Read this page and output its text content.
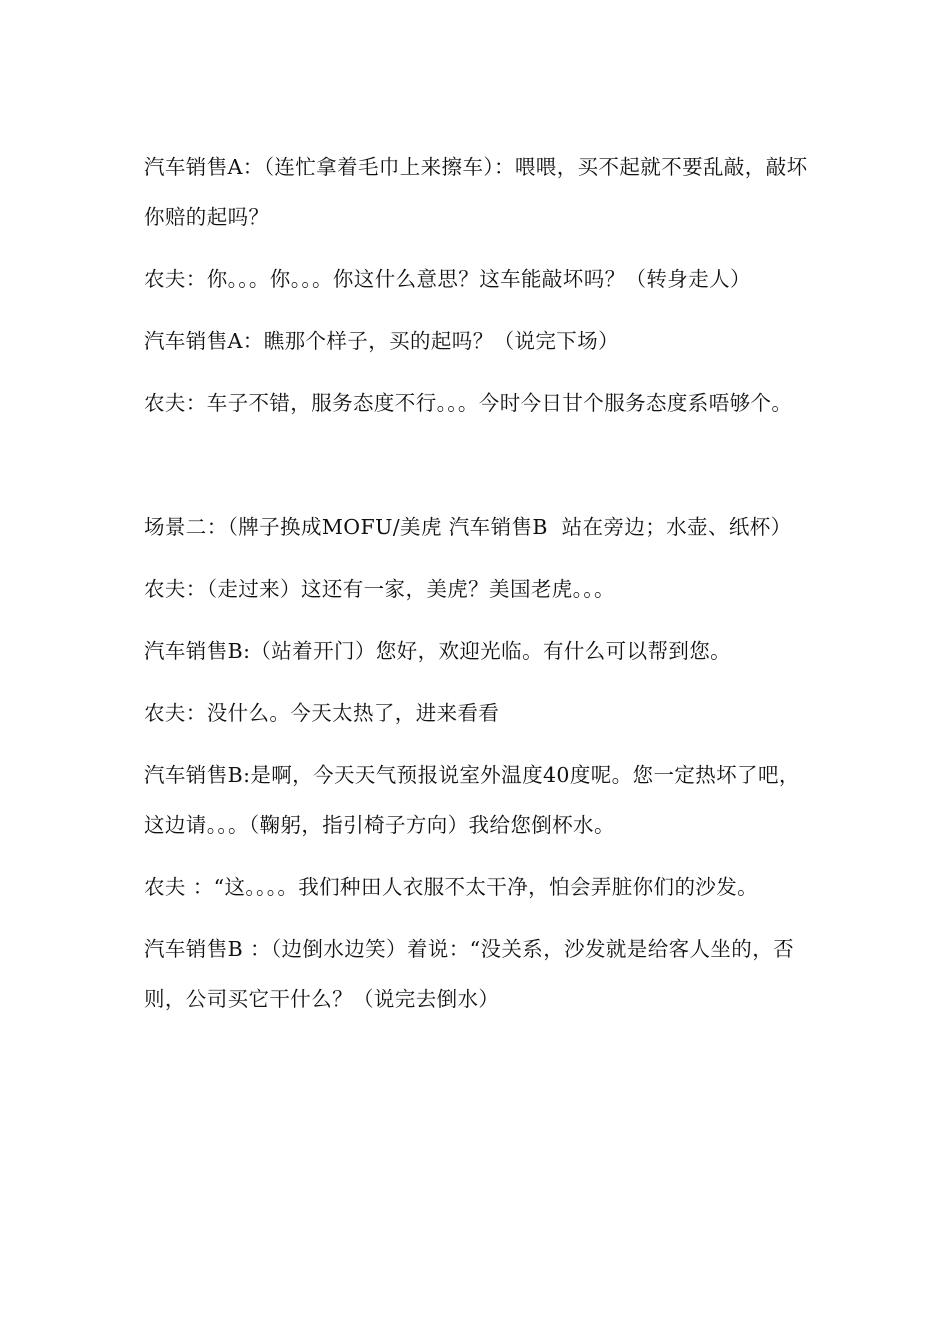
汽车销售A：（连忙拿着毛巾上来擦车）：喂喂，买不起就不要乱敲，敲坏你赔的起吗？

农夫：你。。。你。。。你这什么意思？这车能敲坏吗？（转身走人）

汽车销售A：瞧那个样子，买的起吗？（说完下场）

农夫：车子不错，服务态度不行。。。今时今日甘个服务态度系唔够个。

场景二：（牌子换成MOFU/美虎 汽车销售B  站在旁边；水壶、纸杯）

农夫：（走过来）这还有一家，美虎？美国老虎。。。

汽车销售B:（站着开门）您好，欢迎光临。有什么可以帮到您。

农夫：没什么。今天太热了，进来看看

汽车销售B:是啊，今天天气预报说室外温度40度呢。您一定热坏了吧，这边请。。。（鞠躬，指引椅子方向）我给您倒杯水。

农夫 ：“这。。。。我们种田人衣服不太干净，怕会弄脏你们的沙发。

汽车销售B ：（边倒水边笑）着说：“没关系，沙发就是给客人坐的，否则，公司买它干什么？（说完去倒水）
